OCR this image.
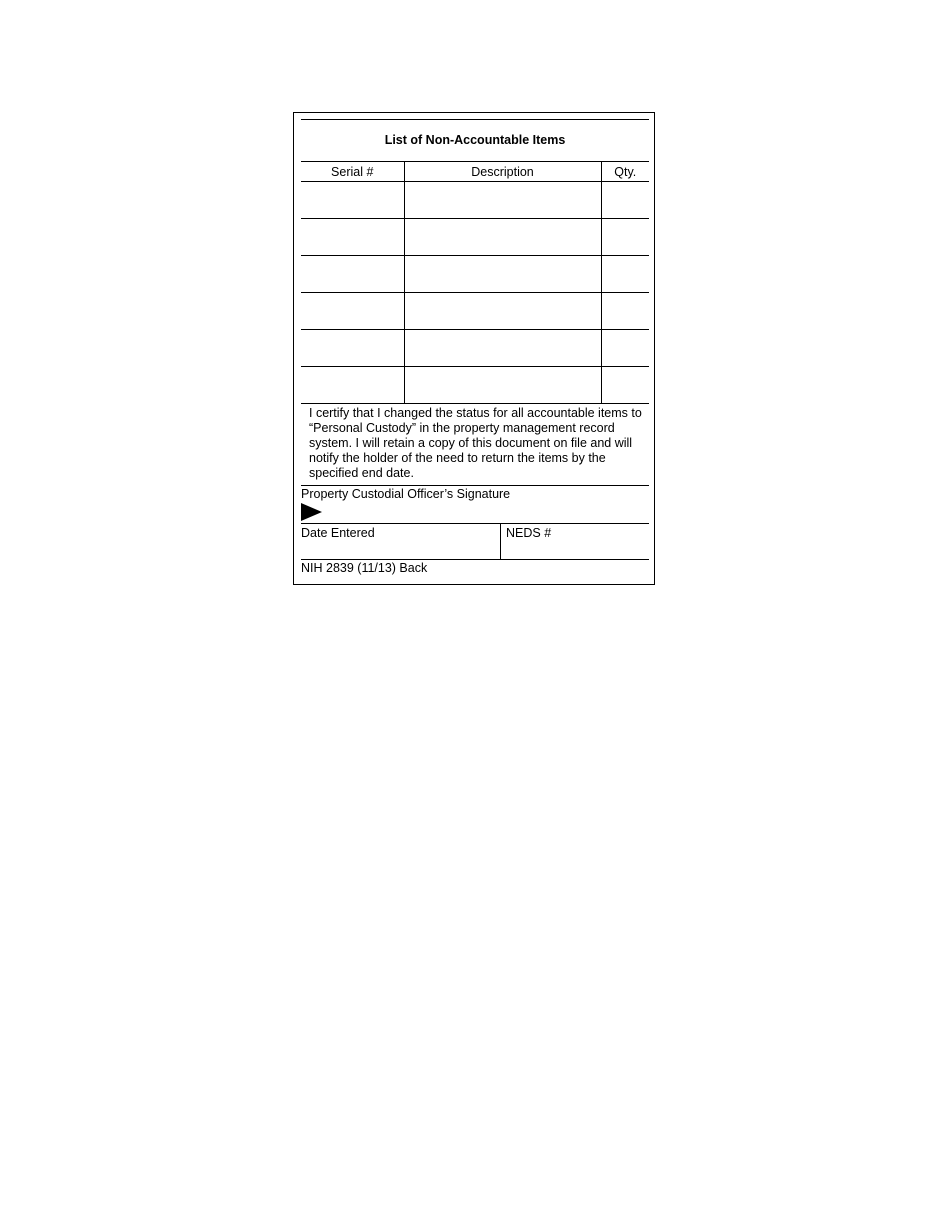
List of Non-Accountable Items
Serial #	Description	Qty.

I certify that I changed the status for all accountable items to “Personal Custody” in the property management record system. I will retain a copy of this document on file and will notify the holder of the need to return the items by the specified end date.
Property Custodial Officer’s Signature
Date Entered	NEDS #
NIH 2839 (11/13) Back
